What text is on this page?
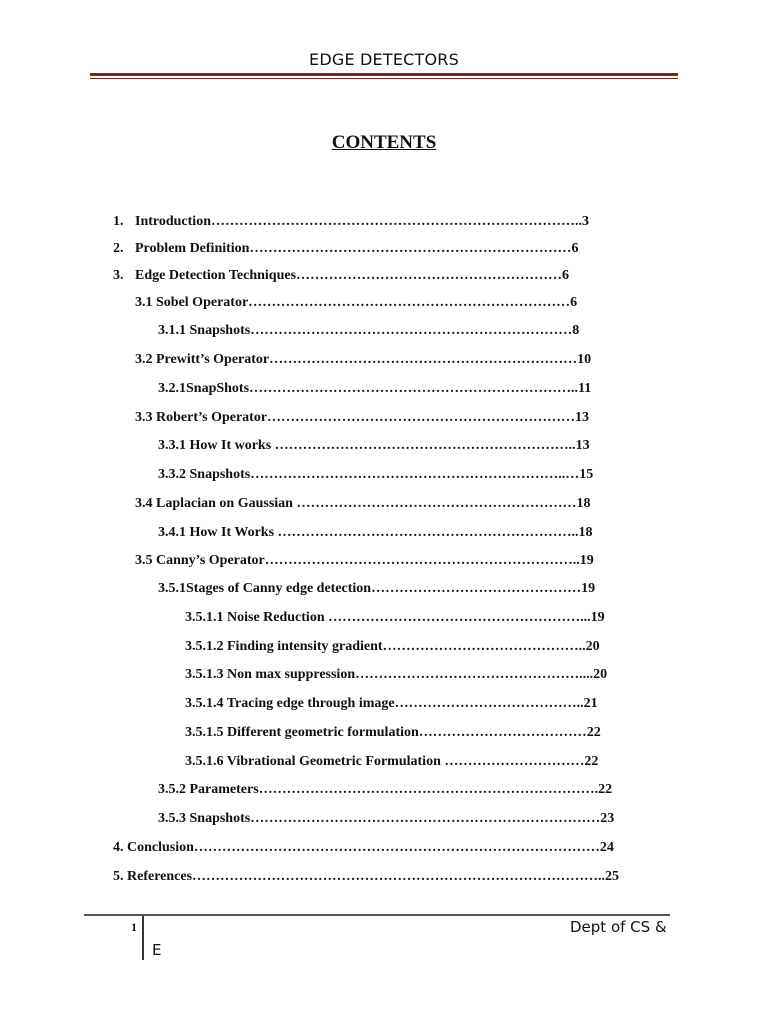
EDGE DETECTORS
CONTENTS
1. Introduction……………………………………………………………………..3
2. Problem Definition……………………………………………………………6
3. Edge Detection Techniques…………………………………………………6
3.1 Sobel Operator……………………………………………………………6
3.1.1 Snapshots……………………………………………………………8
3.2 Prewitt’s Operator…………………………………………………………10
3.2.1SnapShots……………………………………………………………..11
3.3 Robert’s Operator…………………………………………………………13
3.3.1 How It works ………………………………………………………..13
3.3.2 Snapshots…………………………………………………………..…15
3.4 Laplacian on Gaussian ……………………………………………………18
3.4.1 How It Works ………………………………………………………..18
3.5 Canny’s Operator…………………………………………………………..19
3.5.1Stages of Canny edge detection………………………………………19
3.5.1.1 Noise Reduction ………………………………………………...19
3.5.1.2 Finding intensity gradient……………………………………..20
3.5.1.3 Non max suppression…………………………………………....20
3.5.1.4 Tracing edge through image…………………………………..21
3.5.1.5 Different geometric formulation………………………………22
3.5.1.6 Vibrational Geometric Formulation …………………………22
3.5.2 Parameters……………………………………………………………….22
3.5.3 Snapshots…………………………………………………………………23
4. Conclusion……………………………………………………………………………24
5. References……………………………………………………………………………..25
1	Dept of CS &
E
